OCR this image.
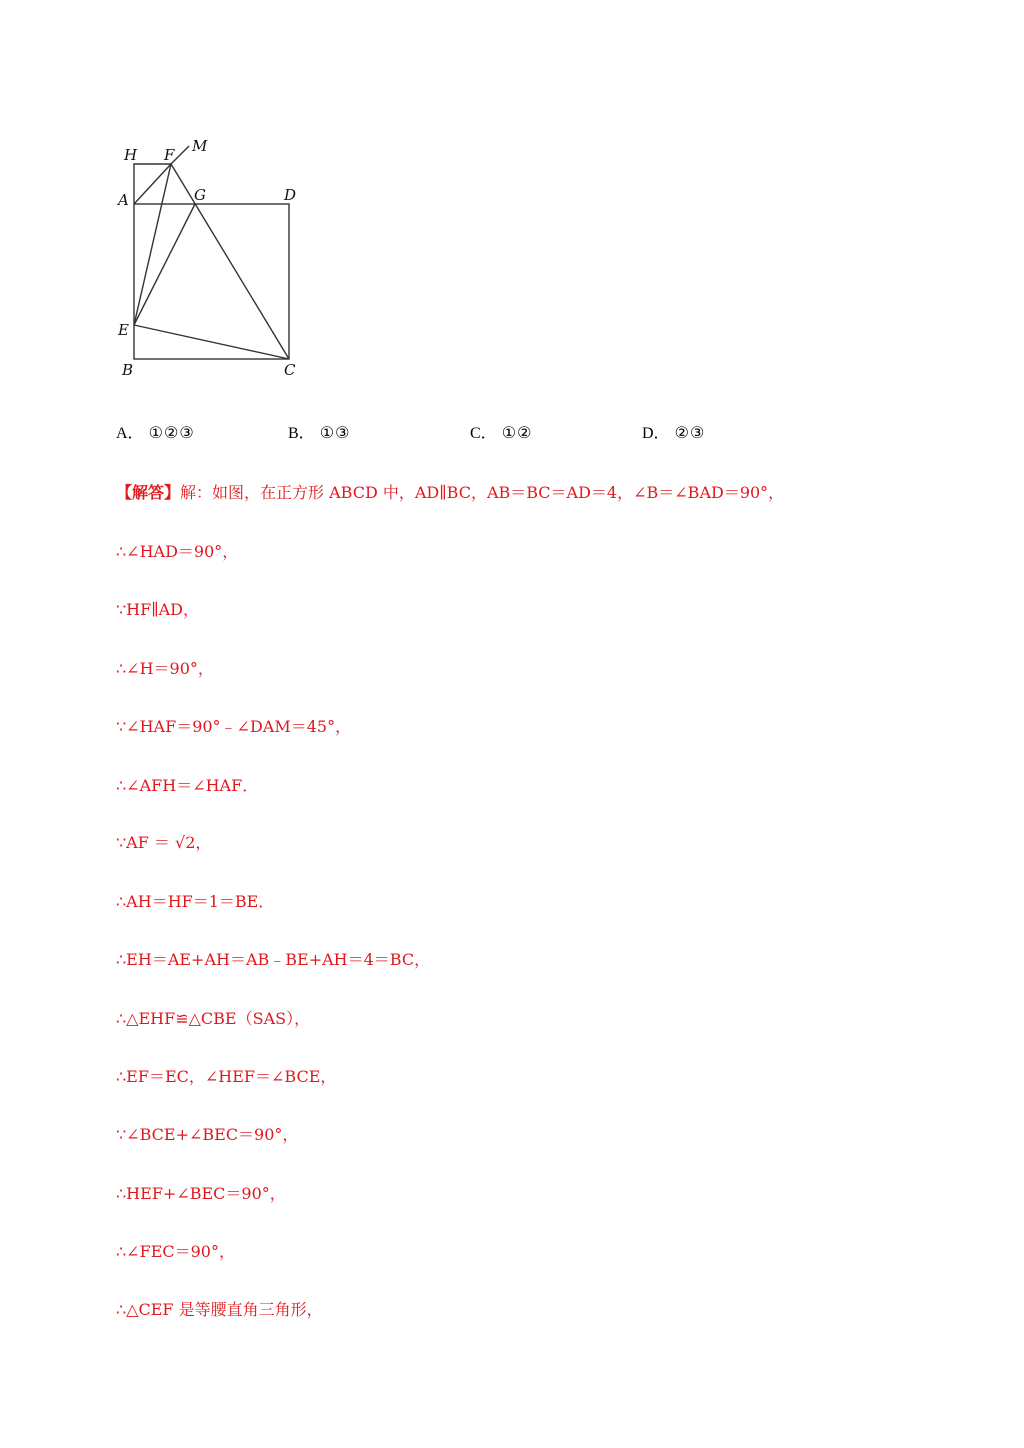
H F M
A	G	D
E
B	C
A． ①②③	B． ①③	C． ①②	D． ②③
【解答】解：如图，在正方形 ABCD 中，AD∥BC，AB＝BC＝AD＝4，∠B＝∠BAD＝90°，
∴∠HAD＝90°，
∵HF∥AD，
∴∠H＝90°，
∵∠HAF＝90°﹣∠DAM＝45°，
∴∠AFH＝∠HAF．
∵AF ＝ √2，
∴AH＝HF＝1＝BE．
∴EH＝AE+AH＝AB﹣BE+AH＝4＝BC，
∴△EHF≌△CBE（SAS），
∴EF＝EC，∠HEF＝∠BCE，
∵∠BCE+∠BEC＝90°，
∴HEF+∠BEC＝90°，
∴∠FEC＝90°，
∴△CEF 是等腰直角三角形，
